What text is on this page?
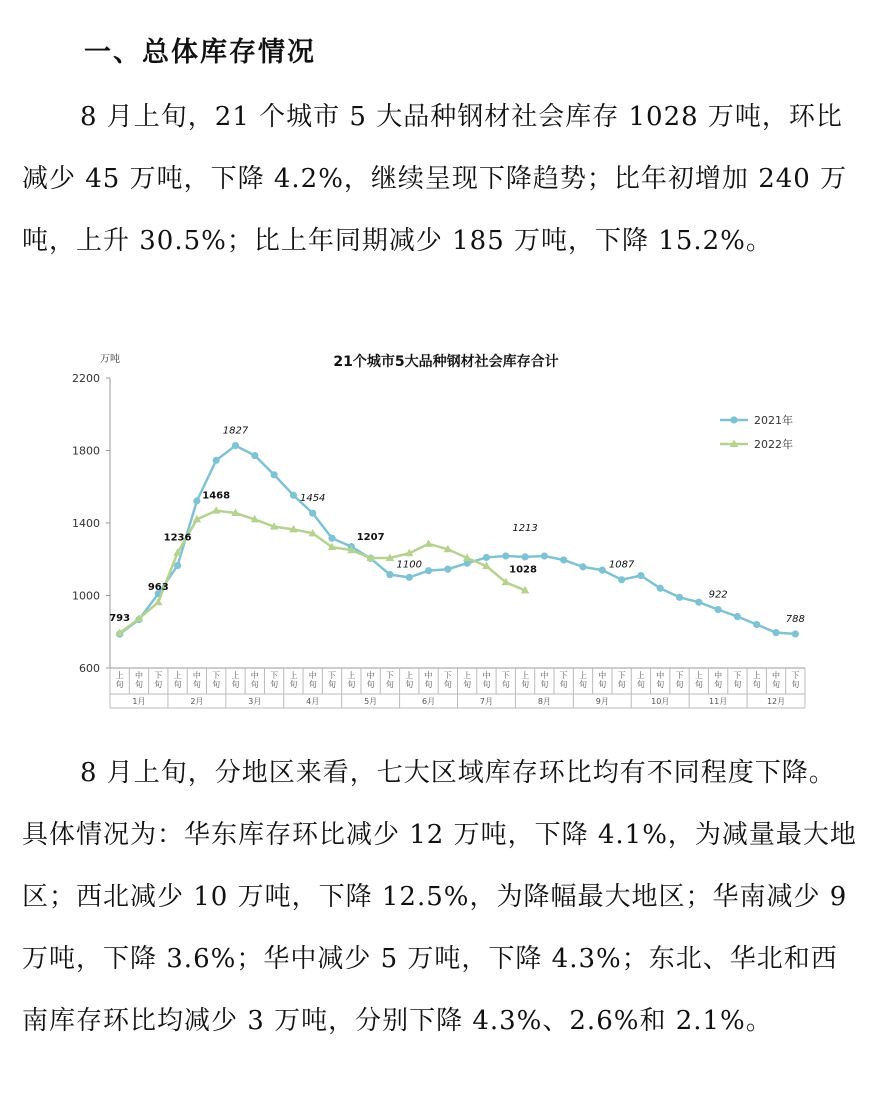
一、总体库存情况

8 月上旬，21 个城市 5 大品种钢材社会库存 1028 万吨，环比减少 45 万吨，下降 4.2%，继续呈现下降趋势；比年初增加 240 万吨，上升 30.5%；比上年同期减少 185 万吨，下降 15.2%。

21个城市5大品种钢材社会库存合计
万吨
600
1000
1400
1800
2200
上旬
中旬
下旬
上旬
中旬
下旬
上旬
中旬
下旬
上旬
中旬
下旬
上旬
中旬
下旬
上旬
中旬
下旬
上旬
中旬
下旬
上旬
中旬
下旬
上旬
中旬
下旬
上旬
中旬
下旬
上旬
中旬
下旬
上旬
中旬
下旬
1月	2月	3月	4月	5月	6月	7月	8月	9月	10月	11月	12月
1827
1454
1100
1213
1087
922
788
793
963
1236
1468
1207
1028
2021年
2022年

8 月上旬，分地区来看，七大区域库存环比均有不同程度下降。具体情况为：华东库存环比减少 12 万吨，下降 4.1%，为减量最大地区；西北减少 10 万吨，下降 12.5%，为降幅最大地区；华南减少 9 万吨，下降 3.6%；华中减少 5 万吨，下降 4.3%；东北、华北和西南库存环比均减少 3 万吨，分别下降 4.3%、2.6%和 2.1%。
